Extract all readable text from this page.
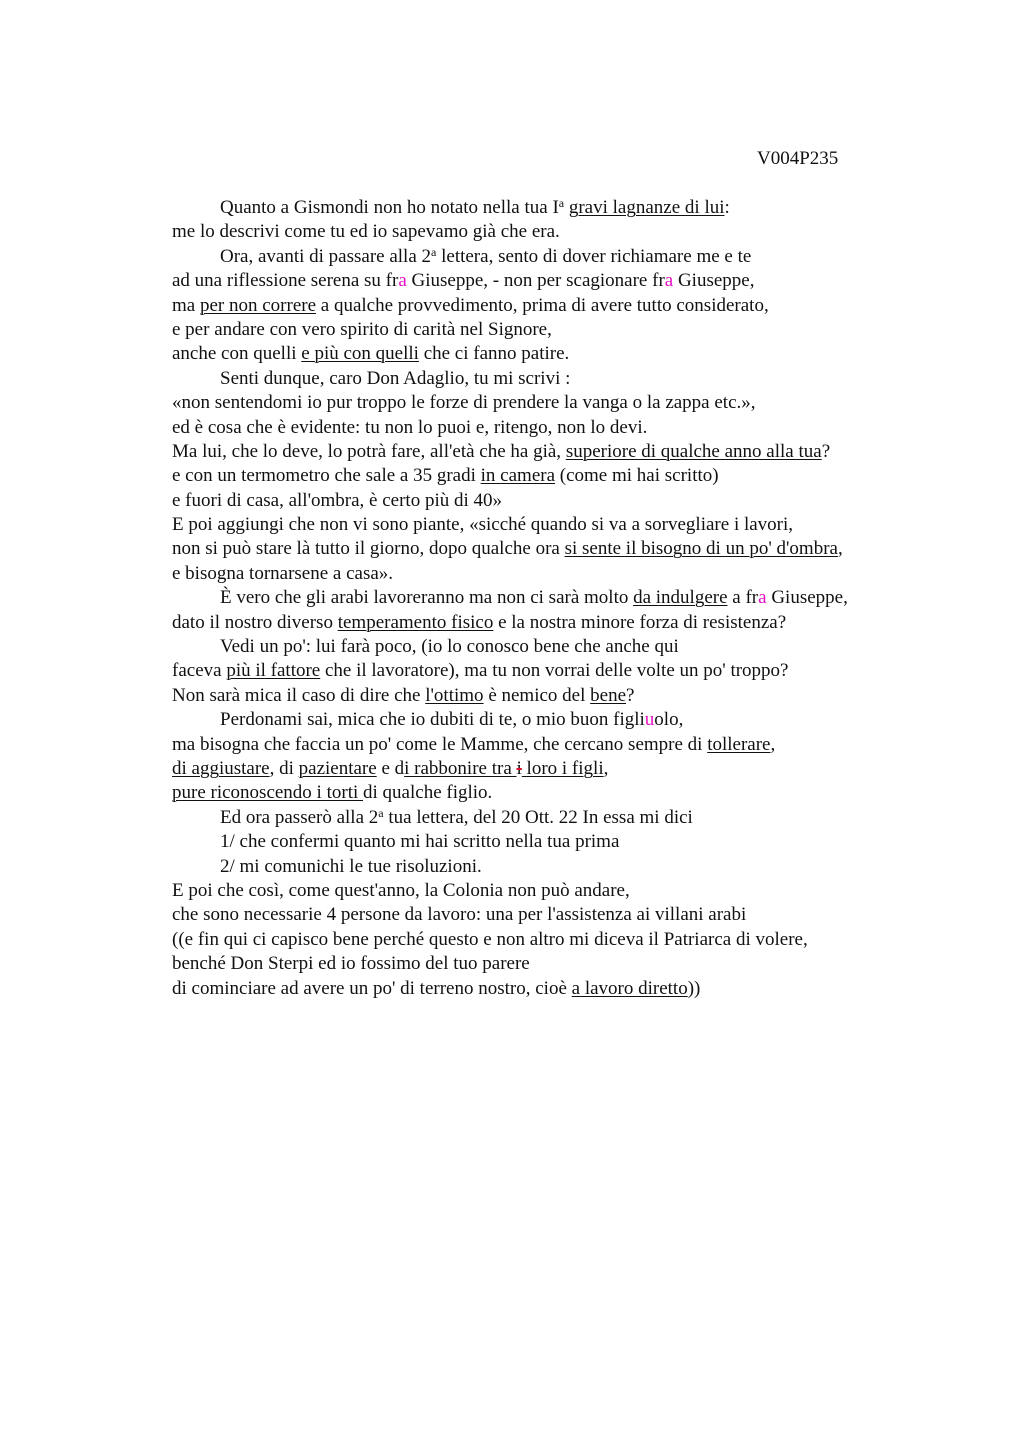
V004P235
Quanto a Gismondi non ho notato nella tua $I^a$ gravi lagnanze di lui:
me lo descrivi come tu ed io sapevamo già che era.
Ora, avanti di passare alla 2$^a$ lettera, sento di dover richiamare me e te
ad una riflessione serena su fra Giuseppe, - non per scagionare fra Giuseppe,
ma per non correre a qualche provvedimento, prima di avere tutto considerato,
e per andare con vero spirito di carità nel Signore,
anche con quelli e più con quelli che ci fanno patire.
Senti dunque, caro Don Adaglio, tu mi scrivi :
«non sentendomi io pur troppo le forze di prendere la vanga o la zappa etc.»,
ed è cosa che è evidente: tu non lo puoi e, ritengo, non lo devi.
Ma lui, che lo deve, lo potrà fare, all'età che ha già, superiore di qualche anno alla tua?
e con un termometro che sale a 35 gradi in camera (come mi hai scritto)
e fuori di casa, all'ombra, è certo più di 40»
E poi aggiungi che non vi sono piante, «sicché quando si va a sorvegliare i lavori,
non si può stare là tutto il giorno, dopo qualche ora si sente il bisogno di un po' d'ombra,
e bisogna tornarsene a casa».
È vero che gli arabi lavoreranno ma non ci sarà molto da indulgere a fra Giuseppe,
dato il nostro diverso temperamento fisico e la nostra minore forza di resistenza?
Vedi un po': lui farà poco, (io lo conosco bene che anche qui
faceva più il fattore che il lavoratore), ma tu non vorrai delle volte un po' troppo?
Non sarà mica il caso di dire che l'ottimo è nemico del bene?
Perdonami sai, mica che io dubiti di te, o mio buon figliuolo,
ma bisogna che faccia un po' come le Mamme, che cercano sempre di tollerare,
di aggiustare, di pazientare e di rabbonire tra i loro i figli,
pure riconoscendo i torti di qualche figlio.
Ed ora passerò alla 2$^a$ tua lettera, del 20 Ott. 22 In essa mi dici
1/ che confermi quanto mi hai scritto nella tua prima
2/ mi comunichi le tue risoluzioni.
E poi che così, come quest'anno, la Colonia non può andare,
che sono necessarie 4 persone da lavoro: una per l'assistenza ai villani arabi
((e fin qui ci capisco bene perché questo e non altro mi diceva il Patriarca di volere,
benché Don Sterpi ed io fossimo del tuo parere
di cominciare ad avere un po' di terreno nostro, cioè a lavoro diretto))
